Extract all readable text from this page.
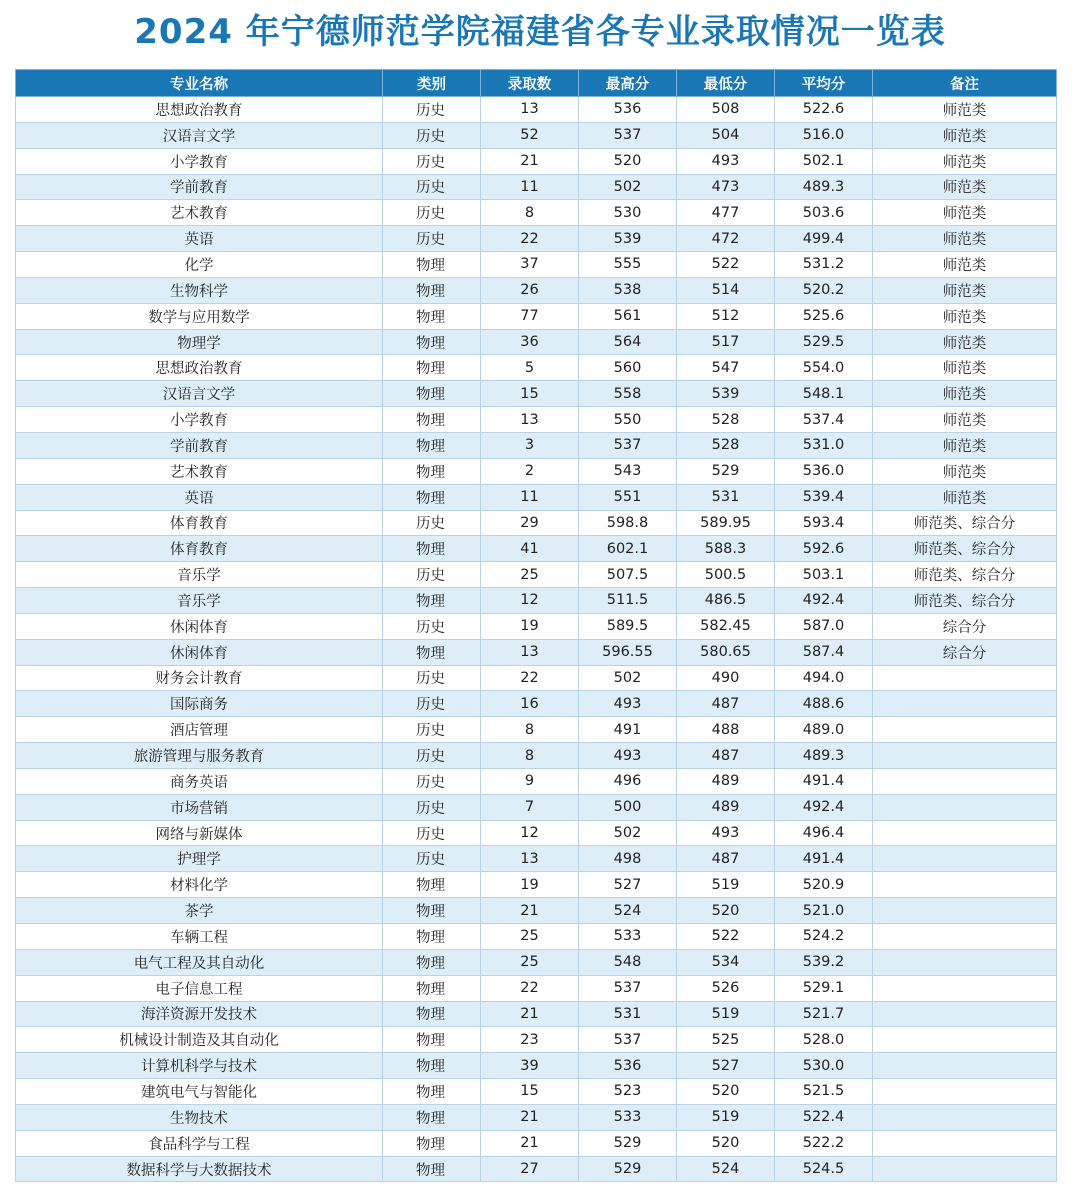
2024 年宁德师范学院福建省各专业录取情况一览表
专业名称	类别	录取数	最高分	最低分	平均分	备注
思想政治教育	历史	13	536	508	522.6	师范类
汉语言文学	历史	52	537	504	516.0	师范类
小学教育	历史	21	520	493	502.1	师范类
学前教育	历史	11	502	473	489.3	师范类
艺术教育	历史	8	530	477	503.6	师范类
英语	历史	22	539	472	499.4	师范类
化学	物理	37	555	522	531.2	师范类
生物科学	物理	26	538	514	520.2	师范类
数学与应用数学	物理	77	561	512	525.6	师范类
物理学	物理	36	564	517	529.5	师范类
思想政治教育	物理	5	560	547	554.0	师范类
汉语言文学	物理	15	558	539	548.1	师范类
小学教育	物理	13	550	528	537.4	师范类
学前教育	物理	3	537	528	531.0	师范类
艺术教育	物理	2	543	529	536.0	师范类
英语	物理	11	551	531	539.4	师范类
体育教育	历史	29	598.8	589.95	593.4	师范类、综合分
体育教育	物理	41	602.1	588.3	592.6	师范类、综合分
音乐学	历史	25	507.5	500.5	503.1	师范类、综合分
音乐学	物理	12	511.5	486.5	492.4	师范类、综合分
休闲体育	历史	19	589.5	582.45	587.0	综合分
休闲体育	物理	13	596.55	580.65	587.4	综合分
财务会计教育	历史	22	502	490	494.0	
国际商务	历史	16	493	487	488.6	
酒店管理	历史	8	491	488	489.0	
旅游管理与服务教育	历史	8	493	487	489.3	
商务英语	历史	9	496	489	491.4	
市场营销	历史	7	500	489	492.4	
网络与新媒体	历史	12	502	493	496.4	
护理学	历史	13	498	487	491.4	
材料化学	物理	19	527	519	520.9	
茶学	物理	21	524	520	521.0	
车辆工程	物理	25	533	522	524.2	
电气工程及其自动化	物理	25	548	534	539.2	
电子信息工程	物理	22	537	526	529.1	
海洋资源开发技术	物理	21	531	519	521.7	
机械设计制造及其自动化	物理	23	537	525	528.0	
计算机科学与技术	物理	39	536	527	530.0	
建筑电气与智能化	物理	15	523	520	521.5	
生物技术	物理	21	533	519	522.4	
食品科学与工程	物理	21	529	520	522.2	
数据科学与大数据技术	物理	27	529	524	524.5	
